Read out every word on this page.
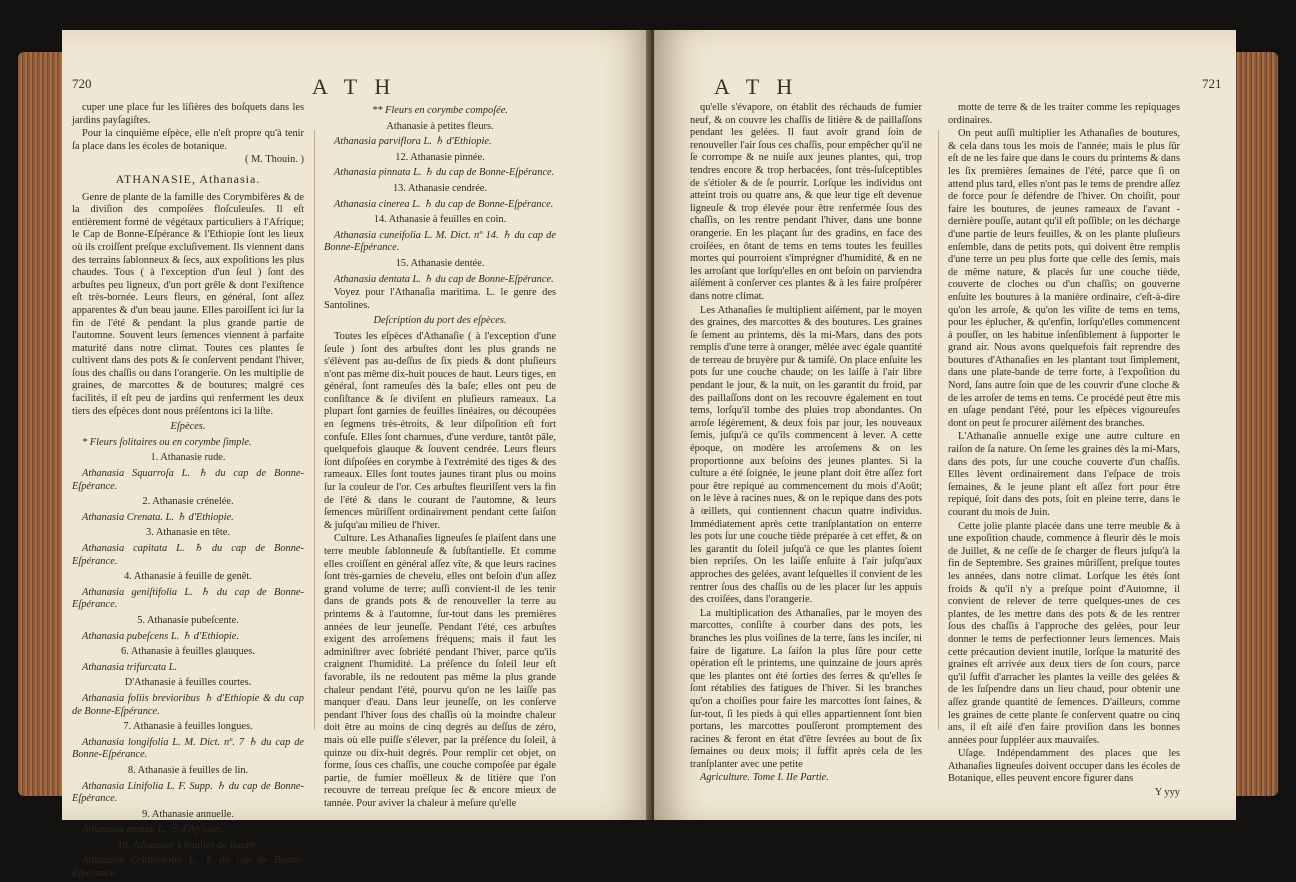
720	A T H

cuper une place fur les liſières des boſquets dans les jardins payſagiſtes.

Pour la cinquième eſpèce, elle n'eſt propre qu'à tenir ſa place dans les écoles de botanique.

( M. Thouin. )

ATHANASIE, Athanasia.

Genre de plante de la famille des Corymbifères & de la diviſion des compoſées floſculeuſes. Il eſt entièrement formé de végétaux particuliers à l'Afrique; le Cap de Bonne-Eſpérance & l'Ethiopie ſont les lieux où ils croiſſent preſque excluſivement. Ils viennent dans des terrains ſablonneux & ſecs, aux expoſitions les plus chaudes. Tous ( à l'exception d'un ſeul ) ſont des arbuſtes peu ligneux, d'un port grêle & dont l'exiſtence eſt très-bornée. Leurs fleurs, en général, ſont aſſez apparentes & d'un beau jaune. Elles paroiſſent ici ſur la fin de l'été & pendant la plus grande partie de l'automne. Souvent leurs ſemences viennent à parfaite maturité dans notre climat. Toutes ces plantes ſe cultivent dans des pots & ſe conſervent pendant l'hiver, ſous des chaſſis ou dans l'orangerie. On les multiplie de graines, de marcottes & de boutures; malgré ces facilités, il eſt peu de jardins qui renferment les deux tiers des eſpèces dont nous préſentons ici la liſte.

Eſpèces.

* Fleurs ſolitaires ou en corymbe ſimple.

1. Athanasie rude.

Athanasia Squarroſa L. ♄ du cap de Bonne-Eſpérance.

2. Athanasie crénelée.

Athanasia Crenata. L. ♄ d'Ethiopie.

3. Athanasie en tête.

Athanasia capitata L. ♄ du cap de Bonne-Eſpérance.

4. Athanasie à feuille de genêt.

Athanasia geniſtifolia L. ♄ du cap de Bonne-Eſpérance.

5. Athanasie pubeſcente.

Athanasia pubeſcens L. ♄ d'Ethiopie.

6. Athanasie à feuilles glauques.

Athanasia trifurcata L.

D'Athanasie à feuilles courtes.

Athanasia foliis brevioribus ♄ d'Ethiopie & du cap de Bonne-Eſpérance.

7. Athanasie à feuilles longues.

Athanasia longifolia L. M. Dict. nº. 7 ♄ du cap de Bonne-Eſpérance.

8. Athanasie à feuilles de lin.

Athanasia Linifolia L. F. Supp. ♄ du cap de Bonne-Eſpérance.

9. Athanasie annuelle.

Athanasia annua. L. ☉ d'Afrique.

10. Athanasie à feuilles de Bacile.

Athanasia Crithmifolia L. ♄ du cap de Bonne-Eſpérance.

** Fleurs en corymbe compoſée.

Athanasie à petites fleurs.

Athanasia parviflora L. ♄ d'Ethiopie.

12. Athanasie pinnée.

Athanasia pinnata L. ♄ du cap de Bonne-Eſpérance.

13. Athanasie cendrée.

Athanasia cinerea L. ♄ du cap de Bonne-Eſpérance.

14. Athanasie à feuilles en coin.

Athanasia cuneifolia L. M. Dict. nº 14. ♄ du cap de Bonne-Eſpérance.

15. Athanasie dentée.

Athanasia dentata L. ♄ du cap de Bonne-Eſpérance.

Voyez pour l'Athanaſia maritima. L. le genre des Santolines.

Deſcription du port des eſpèces.

Toutes les eſpèces d'Athanaſie ( à l'exception d'une ſeule ) ſont des arbuſtes dont les plus grands ne s'élèvent pas au-deſſus de ſix pieds & dont pluſieurs n'ont pas même dix-huit pouces de haut. Leurs tiges, en général, ſont rameuſes dès la baſe; elles ont peu de conſiſtance & ſe diviſent en pluſieurs rameaux. La plupart ſont garnies de feuilles linéaires, ou découpées en ſegmens très-étroits, & leur diſpoſition eſt fort confuſe. Elles ſont charnues, d'une verdure, tantôt pâle, quelquefois glauque & ſouvent cendrée. Leurs fleurs ſont diſpoſées en corymbe à l'extrémité des tiges & des rameaux. Elles ſont toutes jaunes tirant plus ou moins ſur la couleur de l'or. Ces arbuſtes fleuriſſent vers la fin de l'été & dans le courant de l'automne, & leurs ſemences mûriſſent ordinairement pendant cette ſaiſon & juſqu'au milieu de l'hiver.

Culture. Les Athanaſies ligneuſes ſe plaiſent dans une terre meuble ſablonneuſe & ſubſtantielle. Et comme elles croiſſent en général aſſez vîte, & que leurs racines ſont très-garnies de chevelu, elles ont beſoin d'un aſſez grand volume de terre; auſſi convient-il de les tenir dans de grands pots & de renouveller la terre au printems & à l'automne, ſur-tout dans les premières années de leur jeuneſſe. Pendant l'été, ces arbuſtes exigent des arroſemens fréquens; mais il faut les adminiſtrer avec ſobriété pendant l'hiver, parce qu'ils craignent l'humidité. La préſence du ſoleil leur eſt favorable, ils ne redoutent pas même la plus grande chaleur pendant l'été, pourvu qu'on ne les laiſſe pas manquer d'eau. Dans leur jeuneſſe, on les conſerve pendant l'hiver ſous des chaſſis où la moindre chaleur doit être au moins de cinq degrés au deſſus de zéro, mais où elle puiſſe s'élever, par la préſence du ſoleil, à quinze ou dix-huit degrés. Pour remplir cet objet, on forme, ſous ces chaſſis, une couche compoſée par égale partie, de fumier moëlleux & de litière que l'on recouvre de terreau preſque ſec & encore mieux de tannée. Pour aviver la chaleur à meſure qu'elle

A T H	721

qu'elle s'évapore, on établit des réchauds de fumier neuf, & on couvre les chaſſis de litière & de paillaſſons pendant les gelées. Il faut avoir grand ſoin de renouveller l'air ſous ces chaſſis, pour empêcher qu'il ne ſe corrompe & ne nuiſe aux jeunes plantes, qui, trop tendres encore & trop herbacées, ſont très-ſuſceptibles de s'étioler & de ſe pourrir. Lorſque les individus ont atteint trois ou quatre ans, & que leur tige eſt devenue ligneuſe & trop élevée pour être renfermée ſous des chaſſis, on les rentre pendant l'hiver, dans une bonne orangerie. En les plaçant ſur des gradins, en face des croiſées, en ôtant de tems en tems toutes les feuilles mortes qui pourroient s'imprégner d'humidité, & en ne les arroſant que lorſqu'elles en ont beſoin on parviendra aiſément à conſerver ces plantes & à les faire proſpérer dans notre climat.

Les Athanaſies ſe multiplient aiſément, par le moyen des graines, des marcottes & des boutures. Les graines ſe ſement au printems, dès la mi-Mars, dans des pots remplis d'une terre à oranger, mêlée avec égale quantité de terreau de bruyère pur & tamiſé. On place enſuite les pots ſur une couche chaude; on les laiſſe à l'air libre pendant le jour, & la nuit, on les garantit du froid, par des paillaſſons dont on les recouvre également en tout tems, lorſqu'il tombe des pluies trop abondantes. On arroſe légèrement, & deux fois par jour, les nouveaux ſemis, juſqu'à ce qu'ils commencent à lever. A cette époque, on modère les arroſemens & on les proportionne aux beſoins des jeunes plantes. Si la culture a été ſoignée, le jeune plant doit être aſſez fort pour être repiqué au commencement du mois d'Août; on le lève à racines nues, & on le repique dans des pots à œillets, qui contiennent chacun quatre individus. Immédiatement après cette tranſplantation on enterre les pots ſur une couche tiède préparée à cet effet, & on les garantit du ſoleil juſqu'à ce que les plantes ſoient bien repriſes. On les laiſſe enſuite à l'air juſqu'aux approches des gelées, avant leſquelles il convient de les rentrer ſous des chaſſis ou de les placer ſur les appuis des croiſées, dans l'orangerie.

La multiplication des Athanaſies, par le moyen des marcottes, conſiſte à courber dans des pots, les branches les plus voiſines de la terre, ſans les inciſer, ni faire de ligature. La ſaiſon la plus ſûre pour cette opération eſt le printems, une quinzaine de jours après que les plantes ont été ſorties des ſerres & qu'elles ſe ſont rétablies des fatigues de l'hiver. Si les branches qu'on a choiſies pour faire les marcottes ſont ſaines, & ſur-tout, ſi les pieds à qui elles appartiennent ſont bien portans, les marcottes pouſſeront promptement des racines & feront en état d'être ſevrées au bout de ſix ſemaines ou deux mois; il ſuffit après cela de les tranſplanter avec une petite

Agriculture. Tome I. IIe Partie.

motte de terre & de les traiter comme les repiquages ordinaires.

On peut auſſi multiplier les Athanaſies de boutures, & cela dans tous les mois de l'année; mais le plus ſûr eſt de ne les faire que dans le cours du printems & dans les ſix premières ſemaines de l'été, parce que ſi on attend plus tard, elles n'ont pas le tems de prendre aſſez de force pour ſe défendre de l'hiver. On choiſit, pour faire les boutures, de jeunes rameaux de l'avant - dernière pouſſe, autant qu'il eſt poſſible; on les décharge d'une partie de leurs feuilles, & on les plante pluſieurs enſemble, dans de petits pots, qui doivent être remplis d'une terre un peu plus forte que celle des ſemis, mais de même nature, & placés ſur une couche tiède, couverte de cloches ou d'un chaſſis; on gouverne enſuite les boutures à la manière ordinaire, c'eſt-à-dire qu'on les arroſe, & qu'on les viſite de tems en tems, pour les éplucher, & qu'enfin, lorſqu'elles commencent à pouſſer, on les habitue inſenſiblement à ſupporter le grand air. Nous avons quelquefois fait reprendre des boutures d'Athanaſies en les plantant tout ſimplement, dans une plate-bande de terre forte, à l'expoſition du Nord, ſans autre ſoin que de les couvrir d'une cloche & de les arroſer de tems en tems. Ce procédé peut être mis en uſage pendant l'été, pour les eſpèces vigoureuſes dont on peut ſe procurer aiſément des branches.

L'Athanaſie annuelle exige une autre culture en raiſon de ſa nature. On ſeme les graines dès la mi-Mars, dans des pots, ſur une couche couverte d'un chaſſis. Elles lèvent ordinairement dans l'eſpace de trois ſemaines, & le jeune plant eſt aſſez fort pour être repiqué, ſoit dans des pots, ſoit en pleine terre, dans le courant du mois de Juin.

Cette jolie plante placée dans une terre meuble & à une expoſition chaude, commence à fleurir dès le mois de Juillet, & ne ceſſe de ſe charger de fleurs juſqu'à la fin de Septembre. Ses graines mûriſſent, preſque toutes les années, dans notre climat. Lorſque les étés ſont froids & qu'il n'y a preſque point d'Automne, il convient de relever de terre quelques-unes de ces plantes, de les mettre dans des pots & de les rentrer ſous des chaſſis à l'approche des gelées, pour leur donner le tems de perfectionner leurs ſemences. Mais cette précaution devient inutile, lorſque la maturité des graines eſt arrivée aux deux tiers de ſon cours, parce qu'il ſuffit d'arracher les plantes la veille des gelées & de les ſuſpendre dans un lieu chaud, pour obtenir une aſſez grande quantité de ſemences. D'ailleurs, comme les graines de cette plante ſe conſervent quatre ou cinq ans, il eſt aiſé d'en faire proviſion dans les bonnes années pour ſuppléer aux mauvaiſes.

Uſage. Indépendamment des places que les Athanaſies ligneuſes doivent occuper dans les écoles de Botanique, elles peuvent encore figurer dans

Y yyy
